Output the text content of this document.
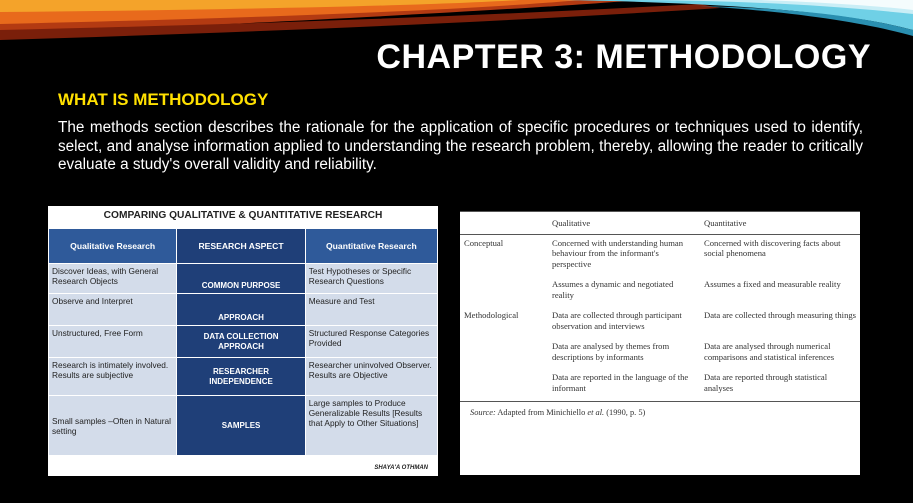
CHAPTER 3: METHODOLOGY
WHAT IS METHODOLOGY

The methods section describes the rationale for the application of specific procedures or techniques used to identify, select, and analyse information applied to understanding the research problem, thereby, allowing the reader to critically evaluate a study's overall validity and reliability.

COMPARING QUALITATIVE & QUANTITATIVE RESEARCH
Qualitative Research	RESEARCH ASPECT	Quantitative Research
Discover Ideas, with General Research Objects	COMMON PURPOSE	Test Hypotheses or Specific Research Questions
Observe and Interpret	APPROACH	Measure and Test
Unstructured, Free Form	DATA COLLECTION APPROACH	Structured Response Categories Provided
Research is intimately involved. Results are subjective	RESEARCHER INDEPENDENCE	Researcher uninvolved Observer. Results are Objective
Small samples –Often in Natural setting	SAMPLES	Large samples to Produce Generalizable Results [Results that Apply to Other Situations]
SHAYA'A OTHMAN
	Qualitative	Quantitative
Conceptual	Concerned with understanding human behaviour from the informant's perspective	Concerned with discovering facts about social phenomena
	Assumes a dynamic and negotiated reality	Assumes a fixed and measurable reality
Methodological	Data are collected through participant observation and interviews	Data are collected through measuring things
	Data are analysed by themes from descriptions by informants	Data are analysed through numerical comparisons and statistical inferences
	Data are reported in the language of the informant	Data are reported through statistical analyses
Source: Adapted from Minichiello et al. (1990, p. 5)
